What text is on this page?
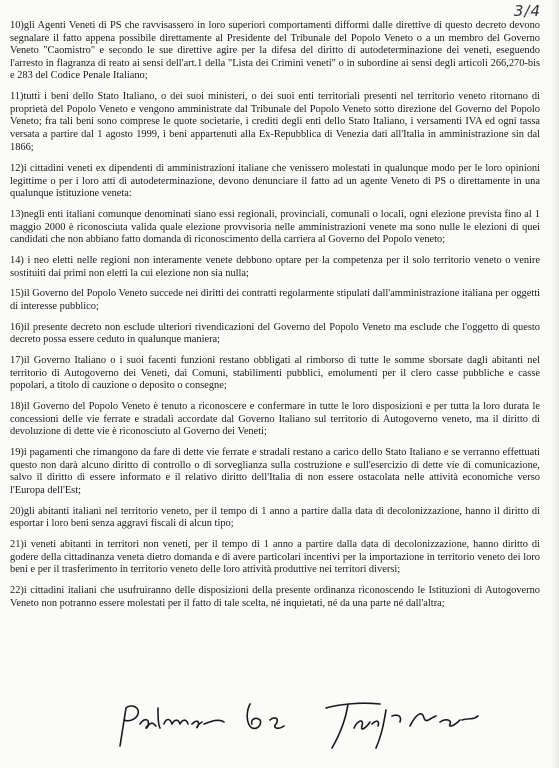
3/4

10)gli Agenti Veneti di PS che ravvisassero in loro superiori comportamenti difformi dalle direttive di questo decreto devono segnalare il fatto appena possibile direttamente al Presidente del Tribunale del Popolo Veneto o a un membro del Governo Veneto "Caomistro" e secondo le sue direttive agire per la difesa del diritto di autodeterminazione dei veneti, eseguendo l'arresto in flagranza di reato ai sensi dell'art.1 della "Lista dei Crimini veneti" o in subordine ai sensi degli articoli 266,270-bis e 283 del Codice Penale Italiano;

11)tutti i beni dello Stato Italiano, o dei suoi ministeri, o dei suoi enti territoriali presenti nel territorio veneto ritornano di proprietà del Popolo Veneto e vengono amministrate dal Tribunale del Popolo Veneto sotto direzione del Governo del Popolo Veneto; fra tali beni sono comprese le quote societarie, i crediti degli enti dello Stato Italiano, i versamenti IVA ed ogni tassa versata a partire dal 1 agosto 1999, i beni appartenuti alla Ex-Repubblica di Venezia dati all'Italia in amministrazione sin dal 1866;

12)i cittadini veneti ex dipendenti di amministrazioni italiane che venissero molestati in qualunque modo per le loro opinioni legittime o per i loro atti di autodeterminazione, devono denunciare il fatto ad un agente Veneto di PS o direttamente in una qualunque istituzione veneta:

13)negli enti italiani comunque denominati siano essi regionali, provinciali, comunali o locali, ogni elezione prevista fino al 1 maggio 2000 è riconosciuta valida quale elezione provvisoria nelle amministrazioni venete ma sono nulle le elezioni di quei candidati che non abbiano fatto domanda di riconoscimento della carriera al Governo del Popolo veneto;

14) i neo eletti nelle regioni non interamente venete debbono optare per la competenza per il solo territorio veneto o venire sostituiti dai primi non eletti la cui elezione non sia nulla;

15)il Governo del Popolo Veneto succede nei diritti dei contratti regolarmente stipulati dall'amministrazione italiana per oggetti di interesse pubblico;

16)il presente decreto non esclude ulteriori rivendicazioni del Governo del Popolo Veneto ma esclude che l'oggetto di questo decreto possa essere ceduto in qualunque maniera;

17)il Governo Italiano o i suoi facenti funzioni restano obbligati al rimborso di tutte le somme sborsate dagli abitanti nel territorio di Autogoverno dei Veneti, dai Comuni, stabilimenti pubblici, emolumenti per il clero casse pubbliche e casse popolari, a titolo di cauzione o deposito o consegne;

18)il Governo del Popolo Veneto è tenuto a riconoscere e confermare in tutte le loro disposizioni e per tutta la loro durata le concessioni delle vie ferrate e stradali accordate dal Governo Italiano sul territorio di Autogoverno veneto, ma il diritto di devoluzione di dette vie è riconosciuto al Governo dei Veneti;

19)i pagamenti che rimangono da fare di dette vie ferrate e stradali restano a carico dello Stato Italiano e se verranno effettuati questo non darà alcuno diritto di controllo o di sorveglianza sulla costruzione e sull'esercizio di dette vie di comunicazione, salvo il diritto di essere informato e il relativo diritto dell'Italia di non essere ostacolata nelle attività economiche verso l'Europa dell'Est;

20)gli abitanti italiani nel territorio veneto, per il tempo di 1 anno a partire dalla data di decolonizzazione, hanno il diritto di esportar i loro beni senza aggravi fiscali di alcun tipo;

21)i veneti abitanti in territori non veneti, per il tempo di 1 anno a partire dalla data di decolonizzazione, hanno diritto di godere della cittadinanza veneta dietro domanda e di avere particolari incentivi per la importazione in territorio veneto dei loro beni e per il trasferimento in territorio veneto delle loro attività produttive nei territori diversi;

22)i cittadini italiani che usufruiranno delle disposizioni della presente ordinanza riconoscendo le Istituzioni di Autogoverno Veneto non potranno essere molestati per il fatto di tale scelta, né inquietati, né da una parte né dall'altra;
